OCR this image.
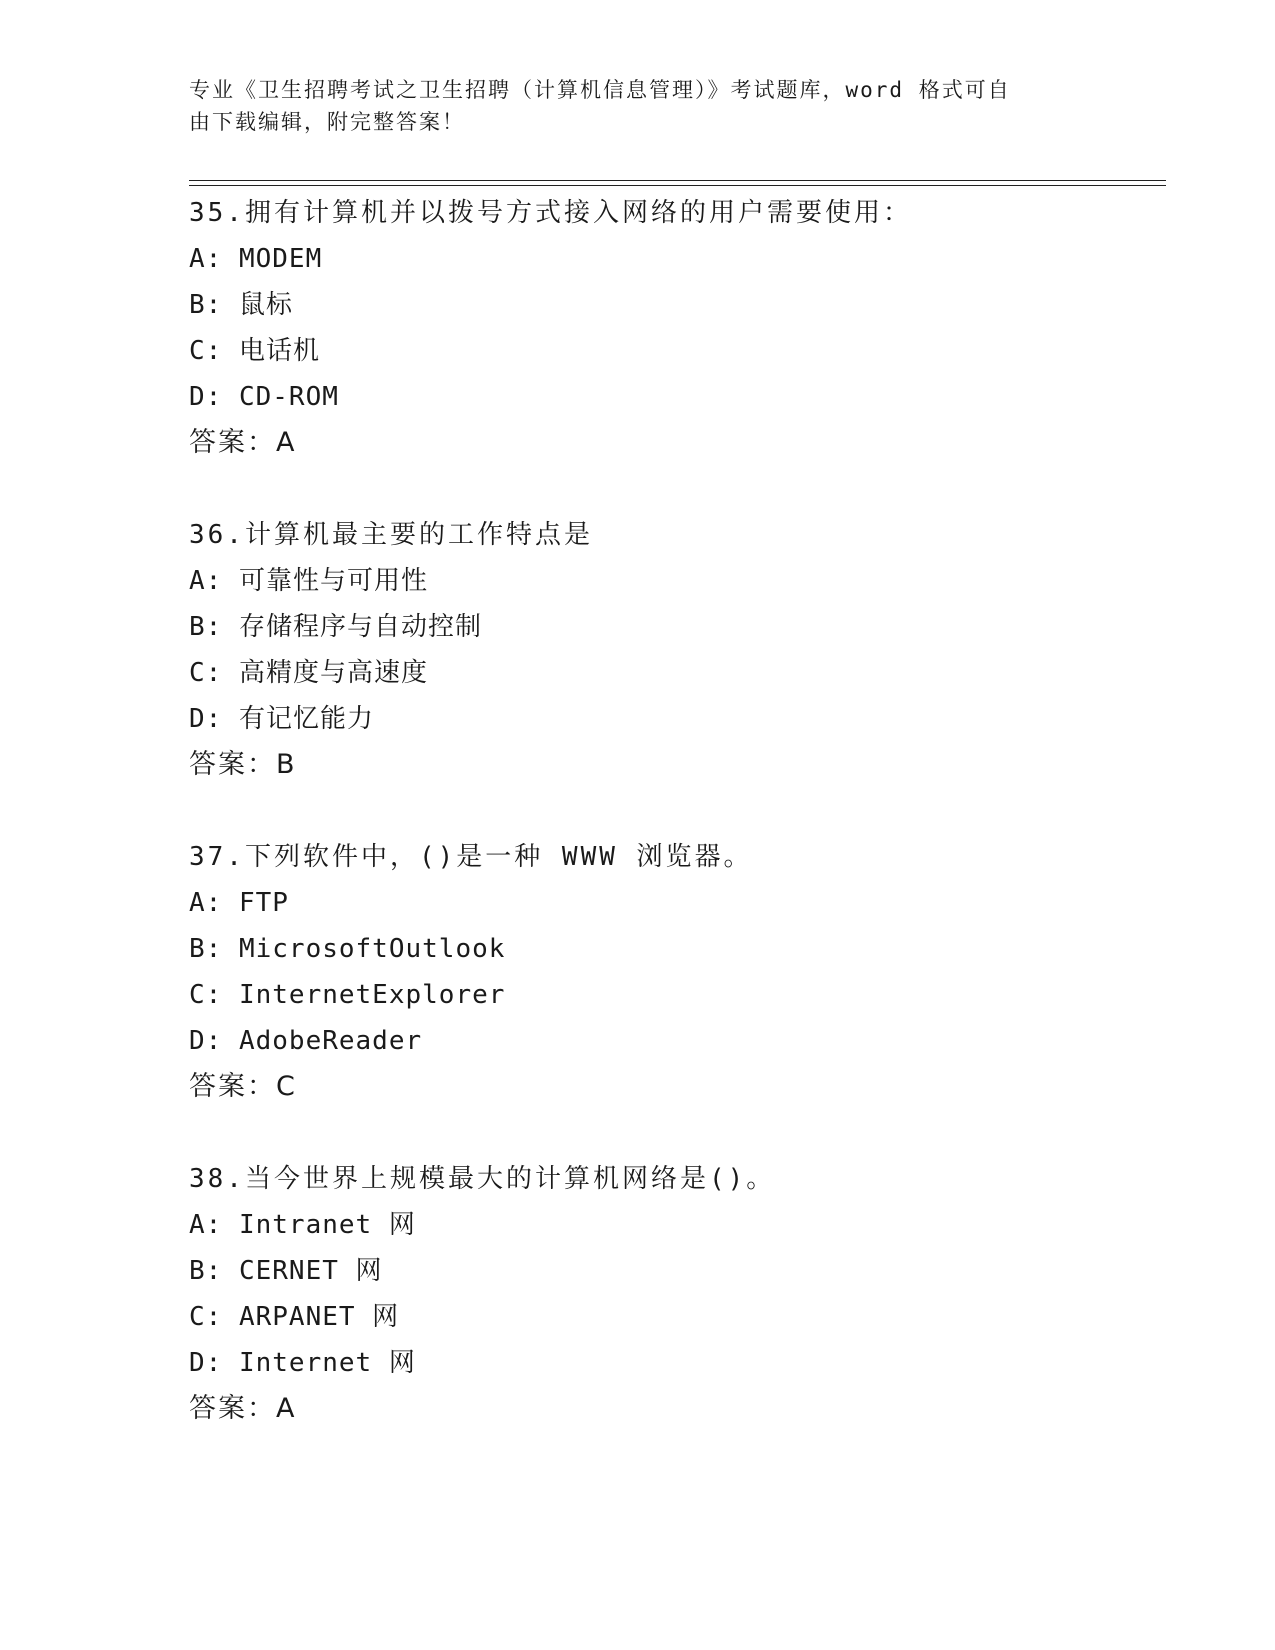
专业《卫生招聘考试之卫生招聘（计算机信息管理）》考试题库，word 格式可自
由下载编辑，附完整答案！
35.拥有计算机并以拨号方式接入网络的用户需要使用：
A: MODEM
B: 鼠标
C: 电话机
D: CD-ROM
答案：A
36.计算机最主要的工作特点是
A: 可靠性与可用性
B: 存储程序与自动控制
C: 高精度与高速度
D: 有记忆能力
答案：B
37.下列软件中，()是一种 WWW 浏览器。
A: FTP
B: MicrosoftOutlook
C: InternetExplorer
D: AdobeReader
答案：C
38.当今世界上规模最大的计算机网络是()。
A: Intranet 网
B: CERNET 网
C: ARPANET 网
D: Internet 网
答案：A
